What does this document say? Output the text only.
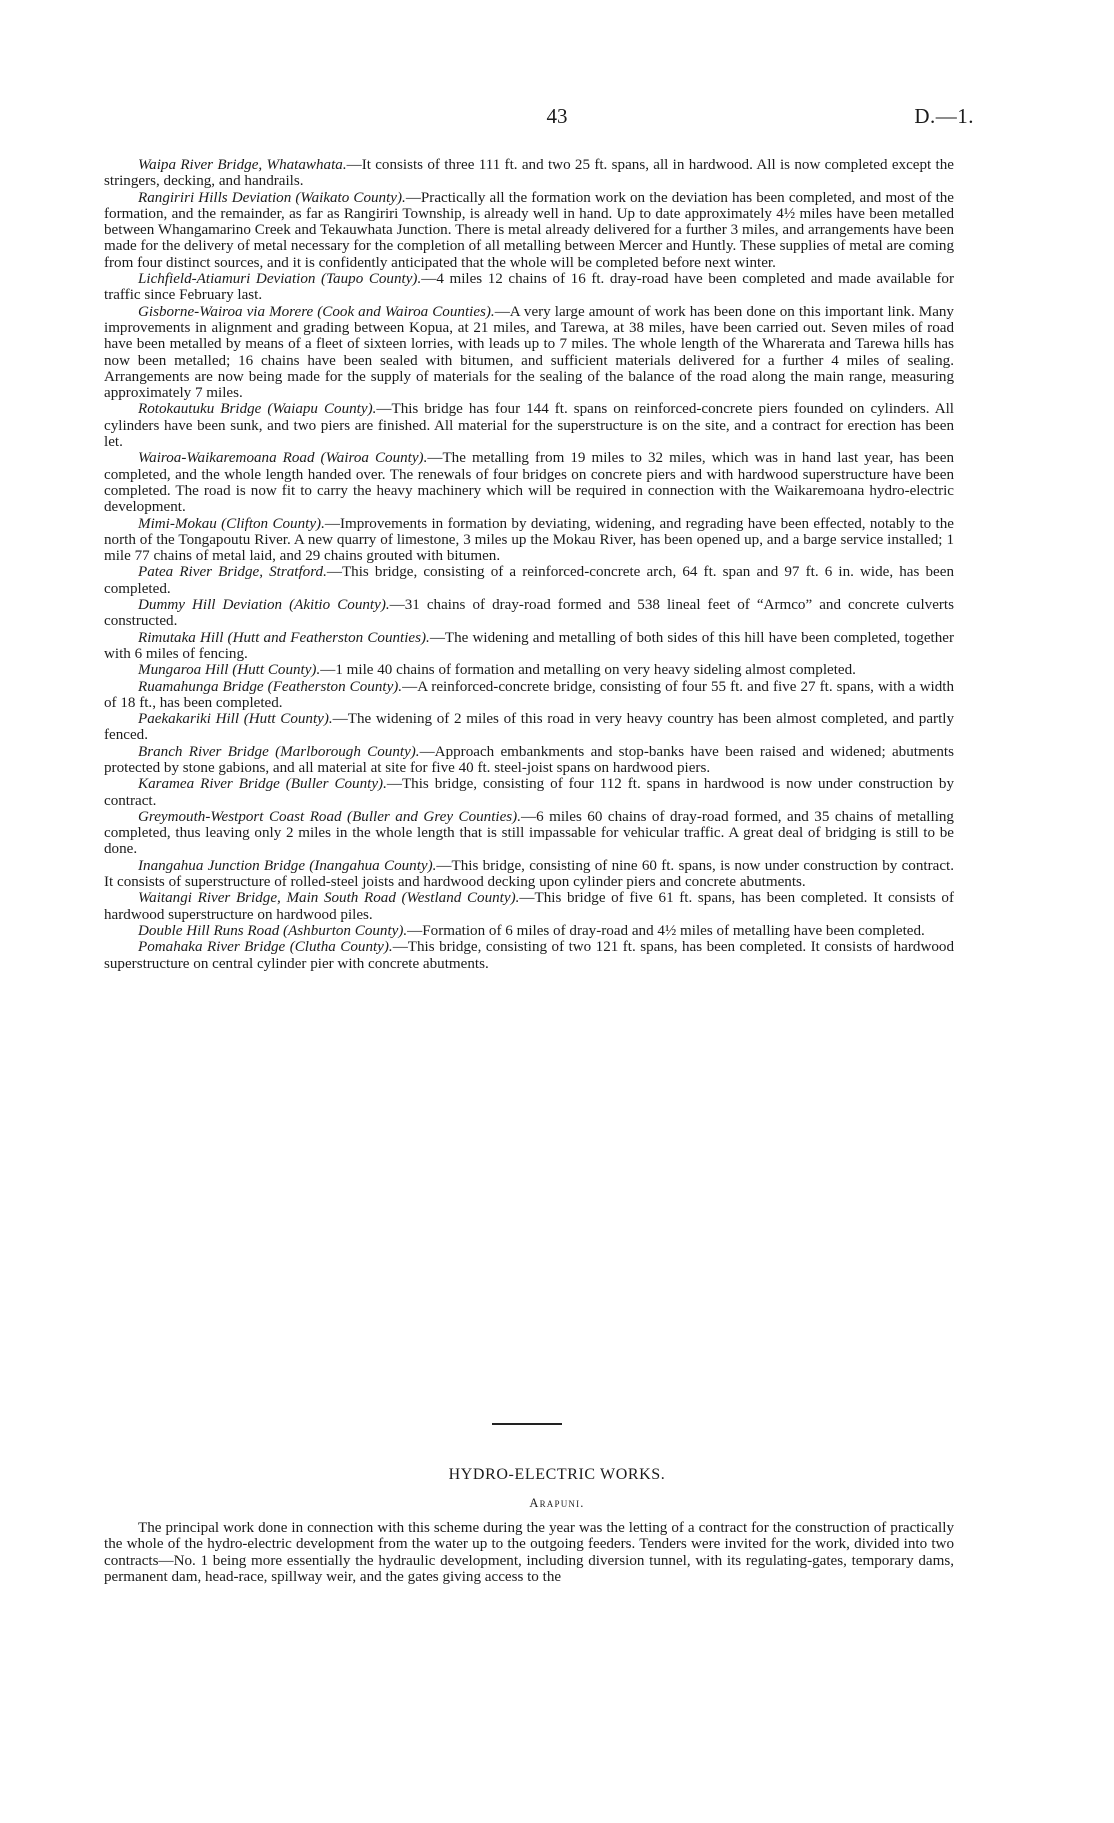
43	D.—1.

Waipa River Bridge, Whatawhata.—It consists of three 111 ft. and two 25 ft. spans, all in hardwood. All is now completed except the stringers, decking, and handrails.

Rangiriri Hills Deviation (Waikato County).—Practically all the formation work on the deviation has been completed, and most of the formation, and the remainder, as far as Rangiriri Township, is already well in hand. Up to date approximately 4½ miles have been metalled between Whangamarino Creek and Tekauwhata Junction. There is metal already delivered for a further 3 miles, and arrangements have been made for the delivery of metal necessary for the completion of all metalling between Mercer and Huntly. These supplies of metal are coming from four distinct sources, and it is confidently anticipated that the whole will be completed before next winter.

Lichfield-Atiamuri Deviation (Taupo County).—4 miles 12 chains of 16 ft. dray-road have been completed and made available for traffic since February last.

Gisborne-Wairoa via Morere (Cook and Wairoa Counties).—A very large amount of work has been done on this important link. Many improvements in alignment and grading between Kopua, at 21 miles, and Tarewa, at 38 miles, have been carried out. Seven miles of road have been metalled by means of a fleet of sixteen lorries, with leads up to 7 miles. The whole length of the Wharerata and Tarewa hills has now been metalled; 16 chains have been sealed with bitumen, and sufficient materials delivered for a further 4 miles of sealing. Arrangements are now being made for the supply of materials for the sealing of the balance of the road along the main range, measuring approximately 7 miles.

Rotokautuku Bridge (Waiapu County).—This bridge has four 144 ft. spans on reinforced-concrete piers founded on cylinders. All cylinders have been sunk, and two piers are finished. All material for the superstructure is on the site, and a contract for erection has been let.

Wairoa-Waikaremoana Road (Wairoa County).—The metalling from 19 miles to 32 miles, which was in hand last year, has been completed, and the whole length handed over. The renewals of four bridges on concrete piers and with hardwood superstructure have been completed. The road is now fit to carry the heavy machinery which will be required in connection with the Waikaremoana hydro-electric development.

Mimi-Mokau (Clifton County).—Improvements in formation by deviating, widening, and regrading have been effected, notably to the north of the Tongapoutu River. A new quarry of limestone, 3 miles up the Mokau River, has been opened up, and a barge service installed; 1 mile 77 chains of metal laid, and 29 chains grouted with bitumen.

Patea River Bridge, Stratford.—This bridge, consisting of a reinforced-concrete arch, 64 ft. span and 97 ft. 6 in. wide, has been completed.

Dummy Hill Deviation (Akitio County).—31 chains of dray-road formed and 538 lineal feet of “Armco” and concrete culverts constructed.

Rimutaka Hill (Hutt and Featherston Counties).—The widening and metalling of both sides of this hill have been completed, together with 6 miles of fencing.

Mungaroa Hill (Hutt County).—1 mile 40 chains of formation and metalling on very heavy sideling almost completed.

Ruamahunga Bridge (Featherston County).—A reinforced-concrete bridge, consisting of four 55 ft. and five 27 ft. spans, with a width of 18 ft., has been completed.

Paekakariki Hill (Hutt County).—The widening of 2 miles of this road in very heavy country has been almost completed, and partly fenced.

Branch River Bridge (Marlborough County).—Approach embankments and stop-banks have been raised and widened; abutments protected by stone gabions, and all material at site for five 40 ft. steel-joist spans on hardwood piers.

Karamea River Bridge (Buller County).—This bridge, consisting of four 112 ft. spans in hardwood is now under construction by contract.

Greymouth-Westport Coast Road (Buller and Grey Counties).—6 miles 60 chains of dray-road formed, and 35 chains of metalling completed, thus leaving only 2 miles in the whole length that is still impassable for vehicular traffic. A great deal of bridging is still to be done.

Inangahua Junction Bridge (Inangahua County).—This bridge, consisting of nine 60 ft. spans, is now under construction by contract. It consists of superstructure of rolled-steel joists and hardwood decking upon cylinder piers and concrete abutments.

Waitangi River Bridge, Main South Road (Westland County).—This bridge of five 61 ft. spans, has been completed. It consists of hardwood superstructure on hardwood piles.

Double Hill Runs Road (Ashburton County).—Formation of 6 miles of dray-road and 4½ miles of metalling have been completed.

Pomahaka River Bridge (Clutha County).—This bridge, consisting of two 121 ft. spans, has been completed. It consists of hardwood superstructure on central cylinder pier with concrete abutments.

HYDRO-ELECTRIC WORKS.
Arapuni.

The principal work done in connection with this scheme during the year was the letting of a contract for the construction of practically the whole of the hydro-electric development from the water up to the outgoing feeders. Tenders were invited for the work, divided into two contracts—No. 1 being more essentially the hydraulic development, including diversion tunnel, with its regulating-gates, temporary dams, permanent dam, head-race, spillway weir, and the gates giving access to the
